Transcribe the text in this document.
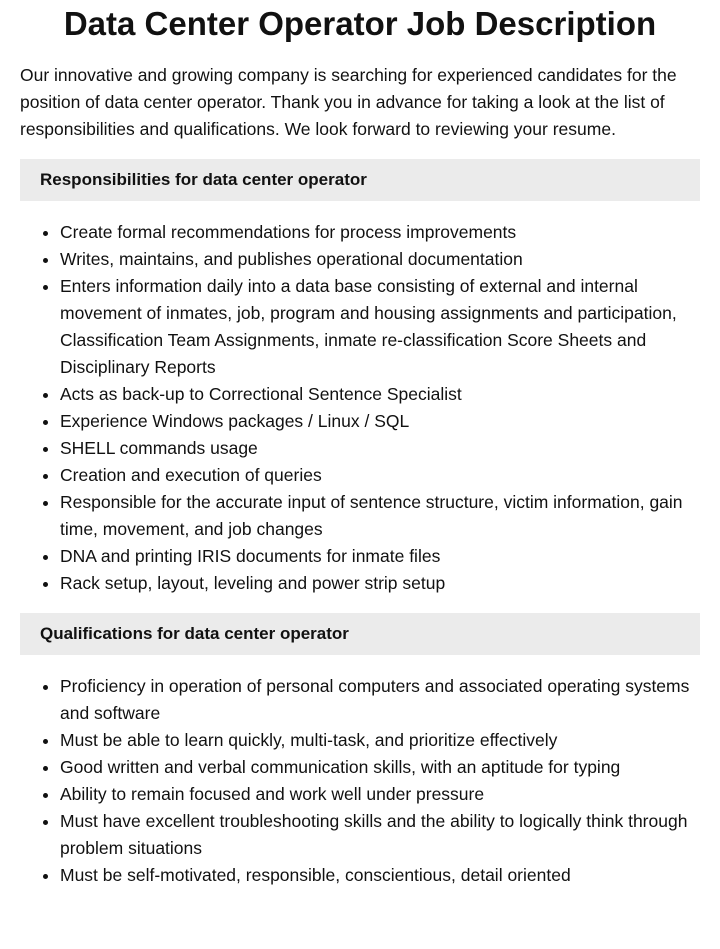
Data Center Operator Job Description

Our innovative and growing company is searching for experienced candidates for the position of data center operator. Thank you in advance for taking a look at the list of responsibilities and qualifications. We look forward to reviewing your resume.

Responsibilities for data center operator
• Create formal recommendations for process improvements
• Writes, maintains, and publishes operational documentation
• Enters information daily into a data base consisting of external and internal movement of inmates, job, program and housing assignments and participation, Classification Team Assignments, inmate re-classification Score Sheets and Disciplinary Reports
• Acts as back-up to Correctional Sentence Specialist
• Experience Windows packages / Linux / SQL
• SHELL commands usage
• Creation and execution of queries
• Responsible for the accurate input of sentence structure, victim information, gain time, movement, and job changes
• DNA and printing IRIS documents for inmate files
• Rack setup, layout, leveling and power strip setup
Qualifications for data center operator
• Proficiency in operation of personal computers and associated operating systems and software
• Must be able to learn quickly, multi-task, and prioritize effectively
• Good written and verbal communication skills, with an aptitude for typing
• Ability to remain focused and work well under pressure
• Must have excellent troubleshooting skills and the ability to logically think through problem situations
• Must be self-motivated, responsible, conscientious, detail oriented
